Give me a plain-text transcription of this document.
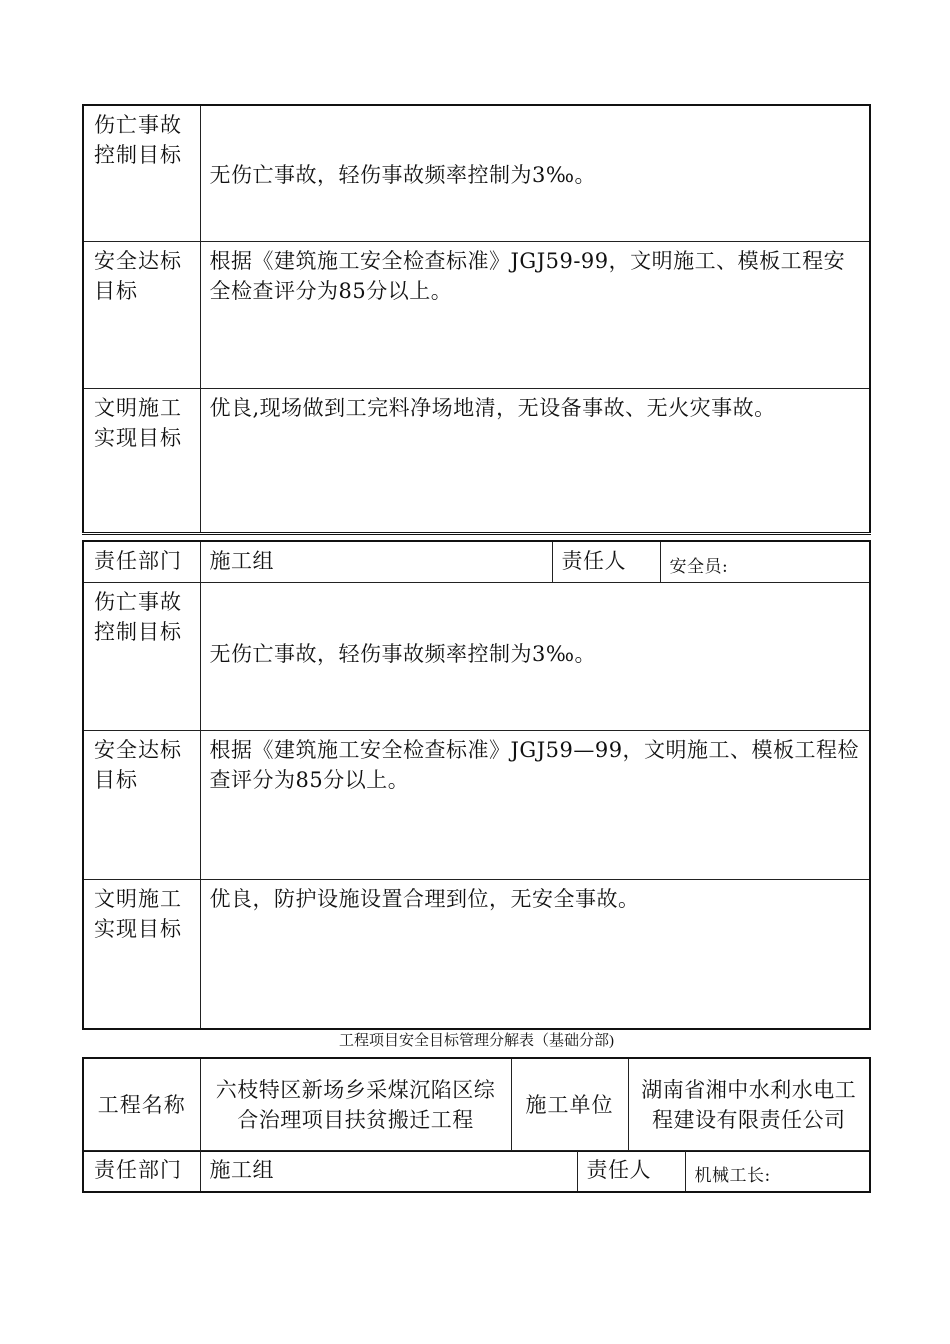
伤亡事故控制目标	无伤亡事故，轻伤事故频率控制为3‰。

安全达标目标	根据《建筑施工安全检查标准》JGJ59-99，文明施工、模板工程安全检查评分为85分以上。
文明施工实现目标	优良,现场做到工完料净场地清，无设备事故、无火灾事故。
责任部门	施工组	责任人	安全员:
伤亡事故控制目标	无伤亡事故，轻伤事故频率控制为3‰。		

安全达标目标	根据《建筑施工安全检查标准》JGJ59—99，文明施工、模板工程检查评分为85分以上。		
文明施工实现目标	优良，防护设施设置合理到位，无安全事故。		
工程项目安全目标管理分解表（基础分部)
工程名称	六枝特区新场乡采煤沉陷区综合治理项目扶贫搬迁工程	施工单位	湖南省湘中水利水电工程建设有限责任公司
责任部门	施工组	责任人	机械工长:
